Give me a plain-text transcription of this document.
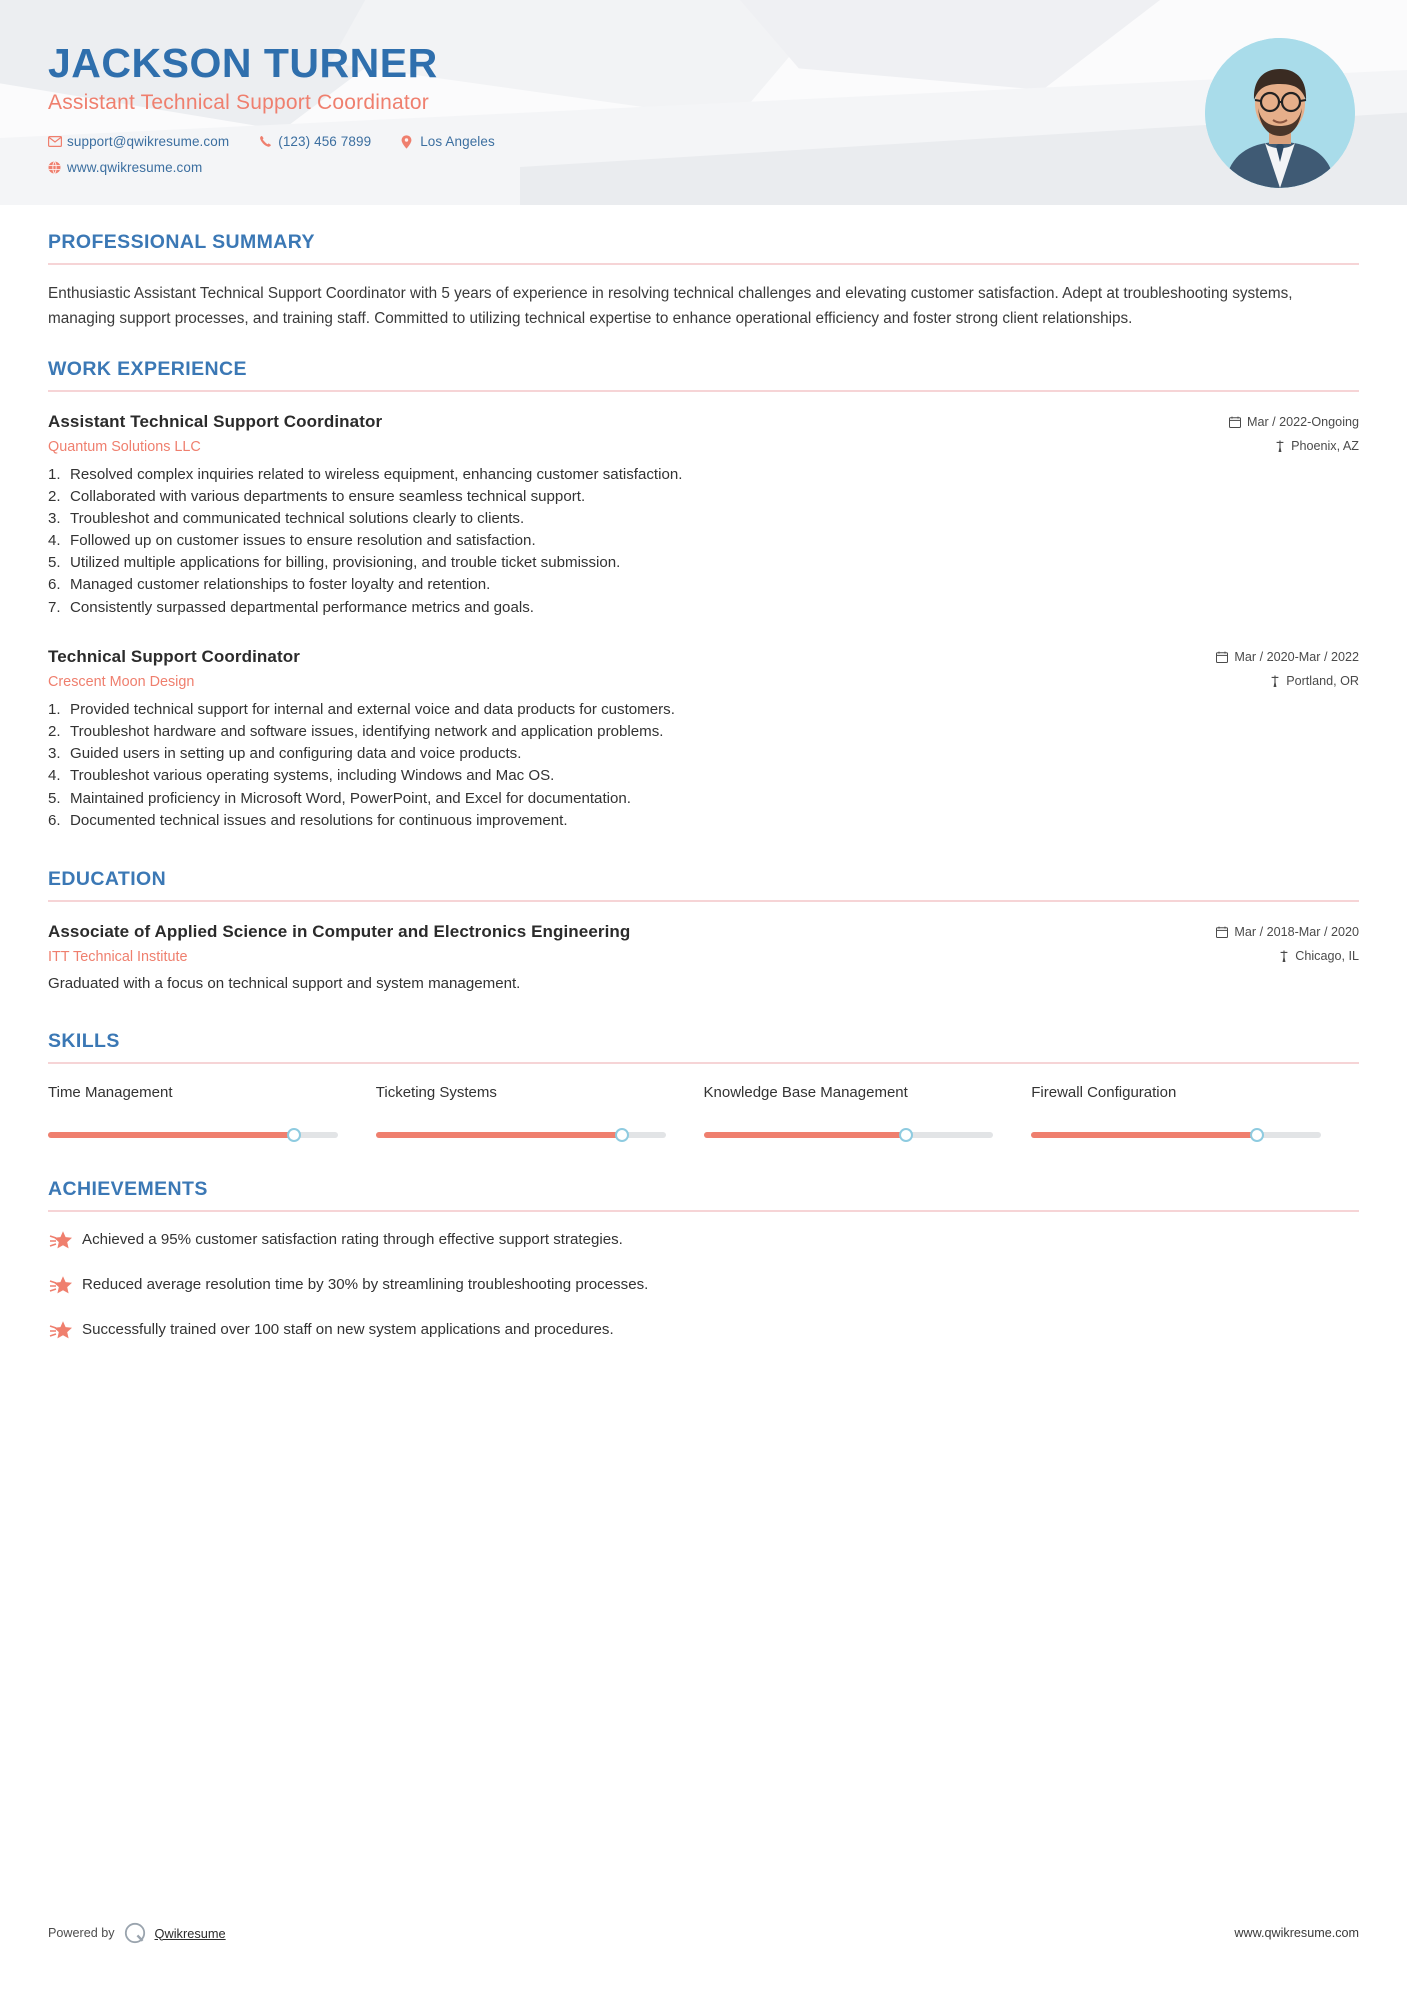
JACKSON TURNER
Assistant Technical Support Coordinator
support@qwikresume.com	(123) 456 7899	Los Angeles
www.qwikresume.com
PROFESSIONAL SUMMARY
Enthusiastic Assistant Technical Support Coordinator with 5 years of experience in resolving technical challenges and elevating customer satisfaction. Adept at troubleshooting systems, managing support processes, and training staff. Committed to utilizing technical expertise to enhance operational efficiency and foster strong client relationships.
WORK EXPERIENCE
Assistant Technical Support Coordinator
Quantum Solutions LLC
Mar / 2022-Ongoing
Phoenix, AZ
1. Resolved complex inquiries related to wireless equipment, enhancing customer satisfaction.
2. Collaborated with various departments to ensure seamless technical support.
3. Troubleshot and communicated technical solutions clearly to clients.
4. Followed up on customer issues to ensure resolution and satisfaction.
5. Utilized multiple applications for billing, provisioning, and trouble ticket submission.
6. Managed customer relationships to foster loyalty and retention.
7. Consistently surpassed departmental performance metrics and goals.
Technical Support Coordinator
Crescent Moon Design
Mar / 2020-Mar / 2022
Portland, OR
1. Provided technical support for internal and external voice and data products for customers.
2. Troubleshot hardware and software issues, identifying network and application problems.
3. Guided users in setting up and configuring data and voice products.
4. Troubleshot various operating systems, including Windows and Mac OS.
5. Maintained proficiency in Microsoft Word, PowerPoint, and Excel for documentation.
6. Documented technical issues and resolutions for continuous improvement.
EDUCATION
Associate of Applied Science in Computer and Electronics Engineering
ITT Technical Institute
Mar / 2018-Mar / 2020
Chicago, IL
Graduated with a focus on technical support and system management.
SKILLS
Time Management	Ticketing Systems	Knowledge Base Management	Firewall Configuration
ACHIEVEMENTS
Achieved a 95% customer satisfaction rating through effective support strategies.
Reduced average resolution time by 30% by streamlining troubleshooting processes.
Successfully trained over 100 staff on new system applications and procedures.
Powered by	Qwikresume	www.qwikresume.com
